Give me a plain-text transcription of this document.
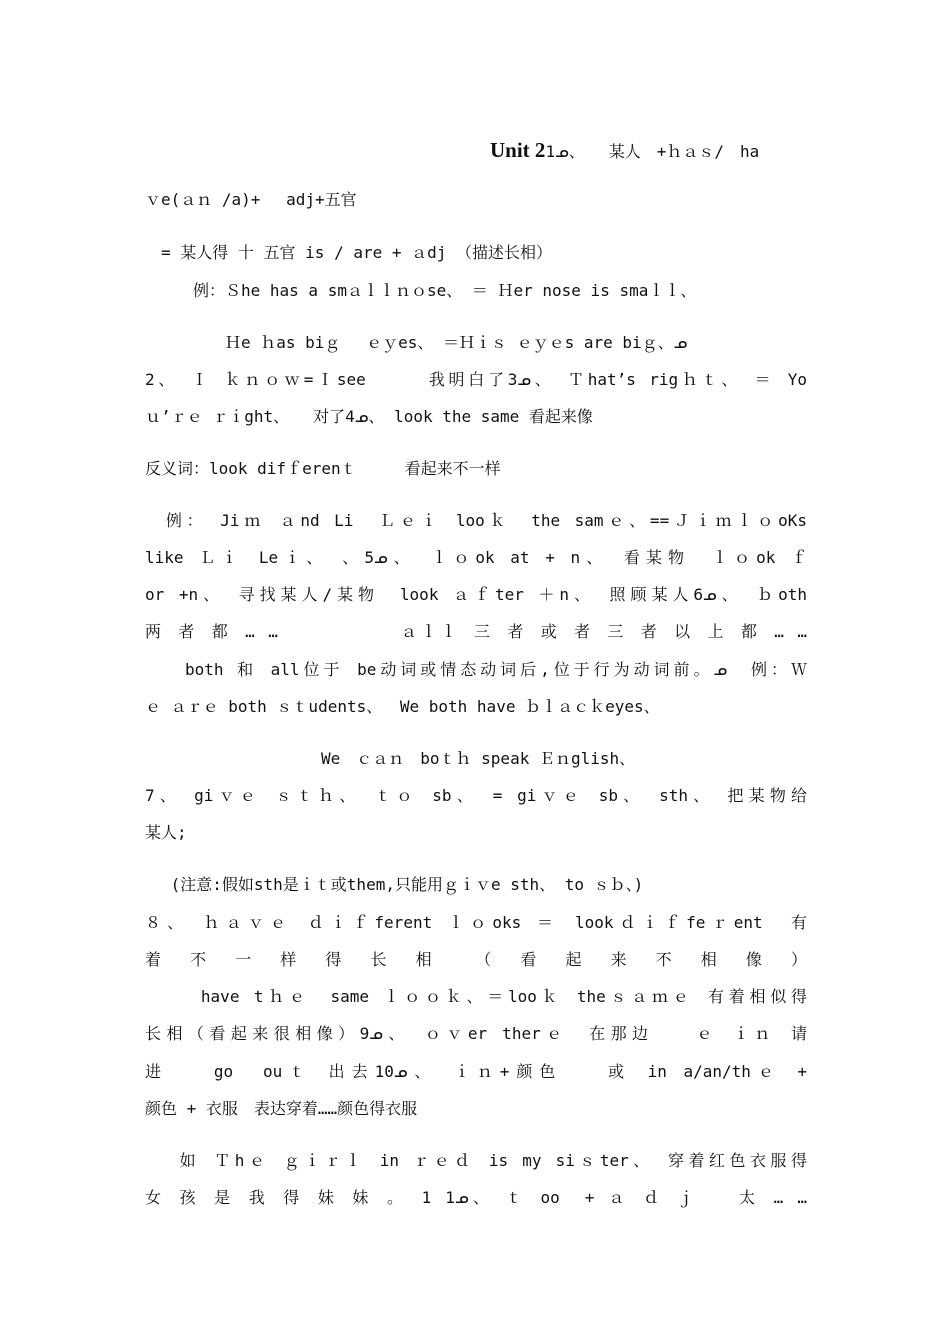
Unit 21ᓄ、　　某人　+ｈａｓ/　ha
ｖe(ａｎ /a)+　 adj+五官
　= 某人得 十 五官 is / are + ａdj （描述长相）
　　　例：Ｓhe has a smａｌｌｎｏse、 ＝ Ｈer nose is smaｌｌ、
　　　　　Ｈe ｈas biｇ　 ｅｙes、 ＝Ｈｉｓ ｅｙｅs are biｇ、ᓄ
2、 Ｉ ｋｎｏｗ=Ｉsee　　　我明白了3ᓄ、 Ｔhat’s rigｈｔ、 ＝ Yo
ｕ’ｒｅ ｒｉght、　　对了4ᓄ、 look the same 看起来像
反义词：look difｆerenｔ　　　看起来不一样
　例：　Jiｍ ａnd Li　Ｌｅｉ looｋ　the samｅ、==ＪｉｍｌｏoKs
like Ｌｉ Leｉ、　、5ᓄ、 ｌｏok at + n、 看某物　ｌｏok ｆ
or +n、 寻找某人/某物　look ａｆter ＋n、 照顾某人6ᓄ、 ｂoth
两 者 都 … …　　　　　　ａｌｌ 三 者 或 者 三 者 以 上 都 … …
　　both 和 all位于 be动词或情态动词后,位于行为动词前。ᓄ　例：Ｗ
ｅ ａｒｅ both ｓｔudents、　 We both have ｂｌａｃｋeyes、
　　　　　　　　　　　We　ｃａｎ　boｔｈ speak Ｅｎglish、
7、　giｖｅ ｓｔｈ、 ｔｏ sb、 = giｖｅ sb、 sth、　把某物给
某人;
　 (注意:假如sth是ｉｔ或them,只能用ｇｉｖe sth、 to ｓｂ、)
８、　ｈａｖｅ ｄｉｆferent ｌｏoks ＝ lookｄｉｆfeｒent　有
着　不　一　样　得　长　相　　（　看　起　来　不　相　像　）
　　 have tｈｅ　same ｌｏｏｋ、＝looｋ theｓａｍｅ 有着相似得
长相（看起来很相像）9ᓄ、 ｏｖer therｅ　在那边　　ｅ ｉｎ 请
进　　go　ouｔ 出去10ᓄ、 ｉｎ+颜色　　或 in a/an/thｅ +
颜色 + 衣服　表达穿着……颜色得衣服
　 如 Ｔhｅ ｇｉｒｌ in ｒｅｄ is my siｓter、 穿着红色衣服得
女 孩 是 我 得 妹 妹 。 1 1ᓄ、　ｔ oo　+ ａ ｄ ｊ　　太 … …
